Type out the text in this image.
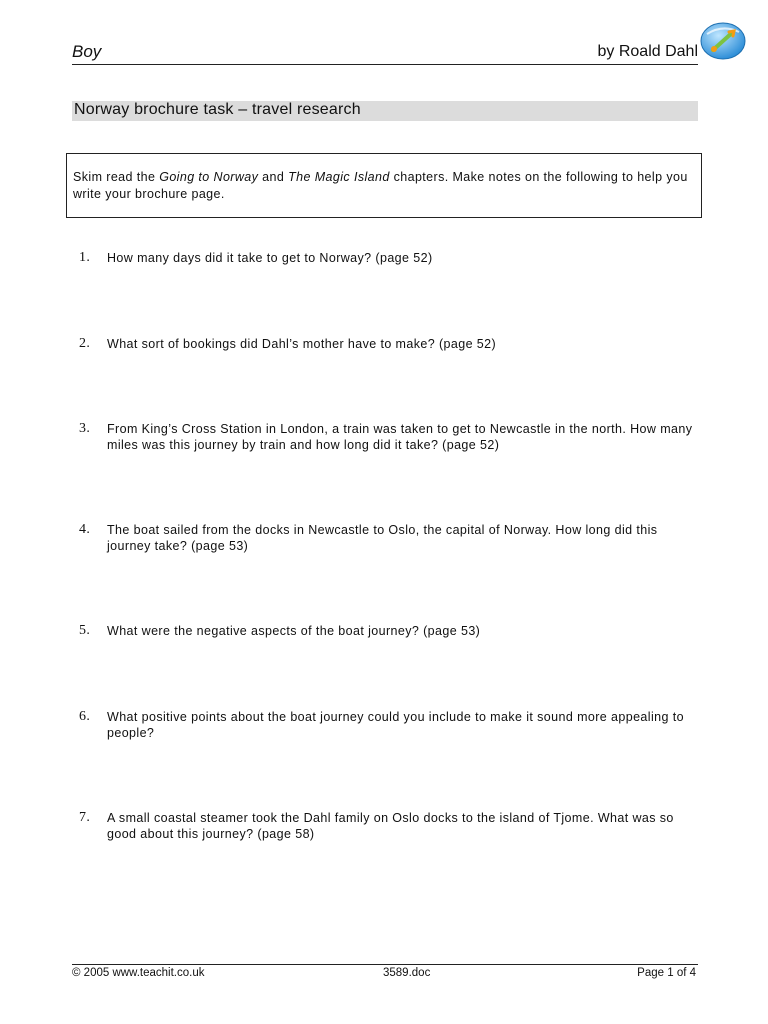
Boy	by Roald Dahl
Norway brochure task – travel research
Skim read the Going to Norway and The Magic Island chapters. Make notes on the following to help you write your brochure page.
1.	How many days did it take to get to Norway? (page 52)
2.	What sort of bookings did Dahl’s mother have to make? (page 52)
3.	From King’s Cross Station in London, a train was taken to get to Newcastle in the north. How many miles was this journey by train and how long did it take? (page 52)
4.	The boat sailed from the docks in Newcastle to Oslo, the capital of Norway. How long did this journey take? (page 53)
5.	What were the negative aspects of the boat journey? (page 53)
6.	What positive points about the boat journey could you include to make it sound more appealing to people?
7.	A small coastal steamer took the Dahl family on Oslo docks to the island of Tjome. What was so good about this journey? (page 58)
© 2005 www.teachit.co.uk	3589.doc	Page 1 of 4
